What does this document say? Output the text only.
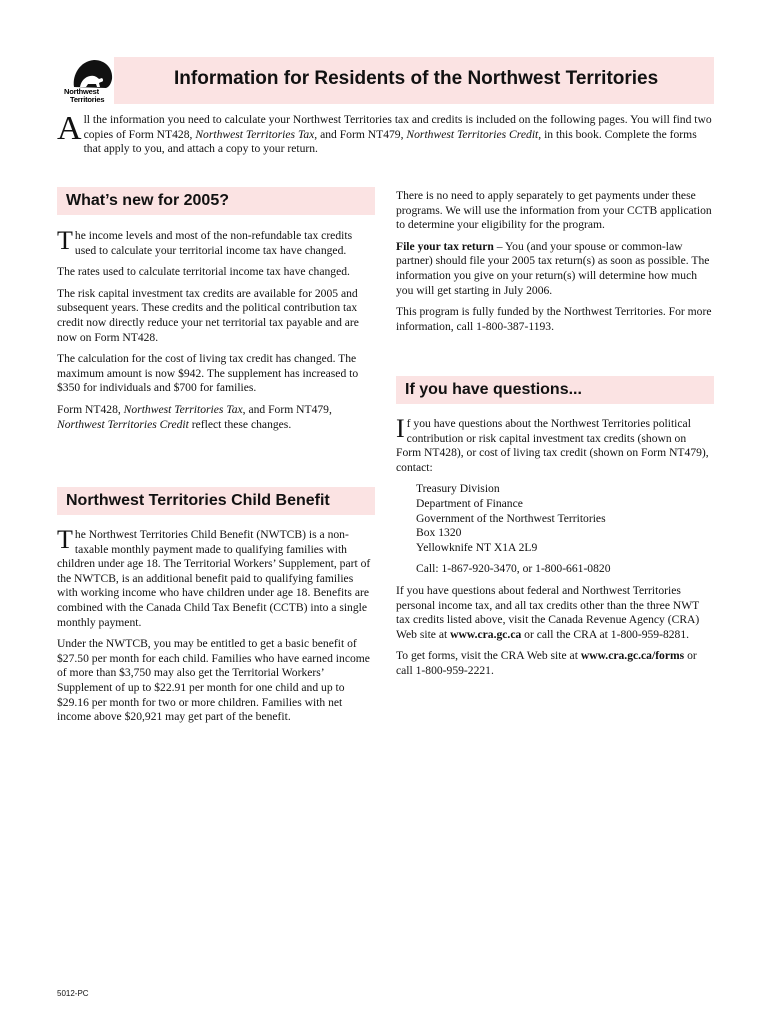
Northwest
Territories
Information for Residents of the Northwest Territories
All the information you need to calculate your Northwest Territories tax and credits is included on the following pages. You will find two copies of Form NT428, Northwest Territories Tax, and Form NT479, Northwest Territories Credit, in this book. Complete the forms that apply to you, and attach a copy to your return.
What’s new for 2005?

The income levels and most of the non-refundable tax credits used to calculate your territorial income tax have changed.

The rates used to calculate territorial income tax have changed.

The risk capital investment tax credits are available for 2005 and subsequent years. These credits and the political contribution tax credit now directly reduce your net territorial tax payable and are now on Form NT428.

The calculation for the cost of living tax credit has changed. The maximum amount is now $942. The supplement has increased to $350 for individuals and $700 for families.

Form NT428, Northwest Territories Tax, and Form NT479, Northwest Territories Credit reflect these changes.

Northwest Territories Child Benefit

The Northwest Territories Child Benefit (NWTCB) is a non-taxable monthly payment made to qualifying families with children under age 18. The Territorial Workers’ Supplement, part of the NWTCB, is an additional benefit paid to qualifying families with working income who have children under age 18. Benefits are combined with the Canada Child Tax Benefit (CCTB) into a single monthly payment.

Under the NWTCB, you may be entitled to get a basic benefit of $27.50 per month for each child. Families who have earned income of more than $3,750 may also get the Territorial Workers’ Supplement of up to $22.91 per month for one child and up to $29.16 per month for two or more children. Families with net income above $20,921 may get part of the benefit.

There is no need to apply separately to get payments under these programs. We will use the information from your CCTB application to determine your eligibility for the program.

File your tax return – You (and your spouse or common-law partner) should file your 2005 tax return(s) as soon as possible. The information you give on your return(s) will determine how much you will get starting in July 2006.

This program is fully funded by the Northwest Territories. For more information, call 1-800-387-1193.

If you have questions...

If you have questions about the Northwest Territories political contribution or risk capital investment tax credits (shown on Form NT428), or cost of living tax credit (shown on Form NT479), contact:

Treasury Division
Department of Finance
Government of the Northwest Territories
Box 1320
Yellowknife NT X1A 2L9

Call: 1-867-920-3470, or 1-800-661-0820

If you have questions about federal and Northwest Territories personal income tax, and all tax credits other than the three NWT tax credits listed above, visit the Canada Revenue Agency (CRA) Web site at www.cra.gc.ca or call the CRA at 1-800-959-8281.

To get forms, visit the CRA Web site at www.cra.gc.ca/forms or call 1-800-959-2221.

5012-PC
